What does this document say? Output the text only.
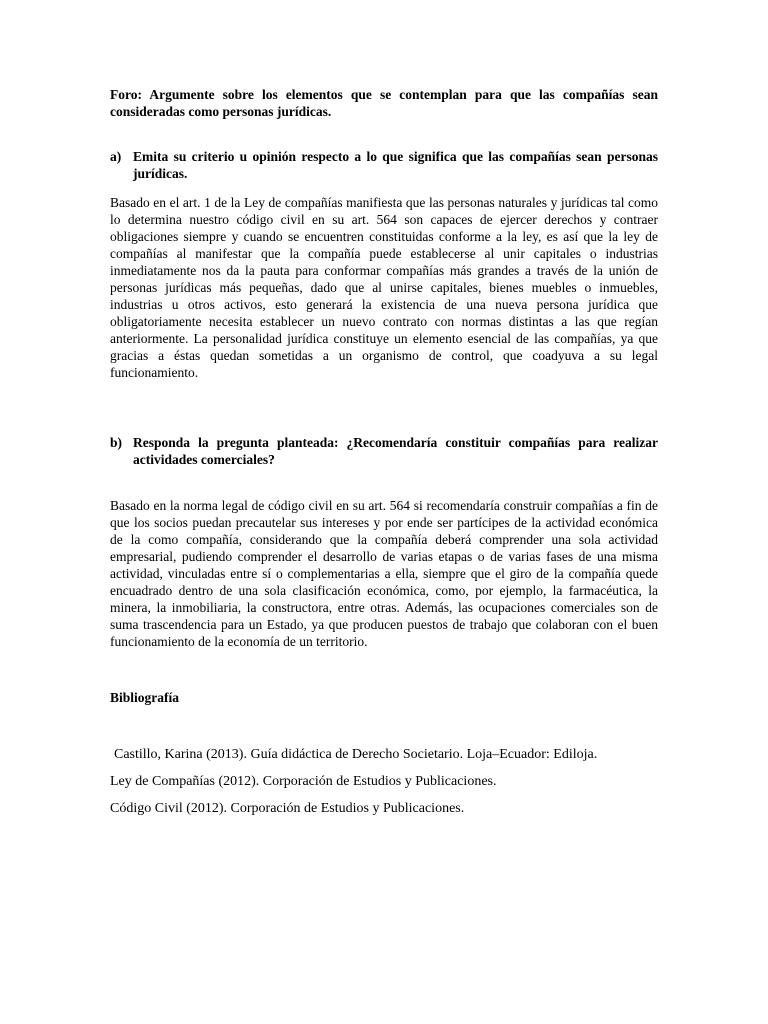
Foro: Argumente sobre los elementos que se contemplan para que las compañías sean consideradas como personas jurídicas.
a) Emita su criterio u opinión respecto a lo que significa que las compañías sean personas jurídicas.
Basado en el art. 1 de la Ley de compañías manifiesta que las personas naturales y jurídicas tal como lo determina nuestro código civil en su art. 564 son capaces de ejercer derechos y contraer obligaciones siempre y cuando se encuentren constituidas conforme a la ley, es así que la ley de compañías al manifestar que la compañía puede establecerse al unir capitales o industrias inmediatamente nos da la pauta para conformar compañías más grandes a través de la unión de personas jurídicas más pequeñas, dado que al unirse capitales, bienes muebles o inmuebles, industrias u otros activos, esto generará la existencia de una nueva persona jurídica que obligatoriamente necesita establecer un nuevo contrato con normas distintas a las que regían anteriormente. La personalidad jurídica constituye un elemento esencial de las compañías, ya que gracias a éstas quedan sometidas a un organismo de control, que coadyuva a su legal funcionamiento.
b) Responda la pregunta planteada: ¿Recomendaría constituir compañías para realizar actividades comerciales?
Basado en la norma legal de código civil en su art. 564 si recomendaría construir compañías a fin de que los socios puedan precautelar sus intereses y por ende ser partícipes de la actividad económica de la como compañía, considerando que la compañía deberá comprender una sola actividad empresarial, pudiendo comprender el desarrollo de varias etapas o de varias fases de una misma actividad, vinculadas entre sí o complementarias a ella, siempre que el giro de la compañía quede encuadrado dentro de una sola clasificación económica, como, por ejemplo, la farmacéutica, la minera, la inmobiliaria, la constructora, entre otras. Además, las ocupaciones comerciales son de suma trascendencia para un Estado, ya que producen puestos de trabajo que colaboran con el buen funcionamiento de la economía de un territorio.
Bibliografía
Castillo, Karina (2013). Guía didáctica de Derecho Societario. Loja–Ecuador: Ediloja.
Ley de Compañías (2012). Corporación de Estudios y Publicaciones.
Código Civil (2012). Corporación de Estudios y Publicaciones.
